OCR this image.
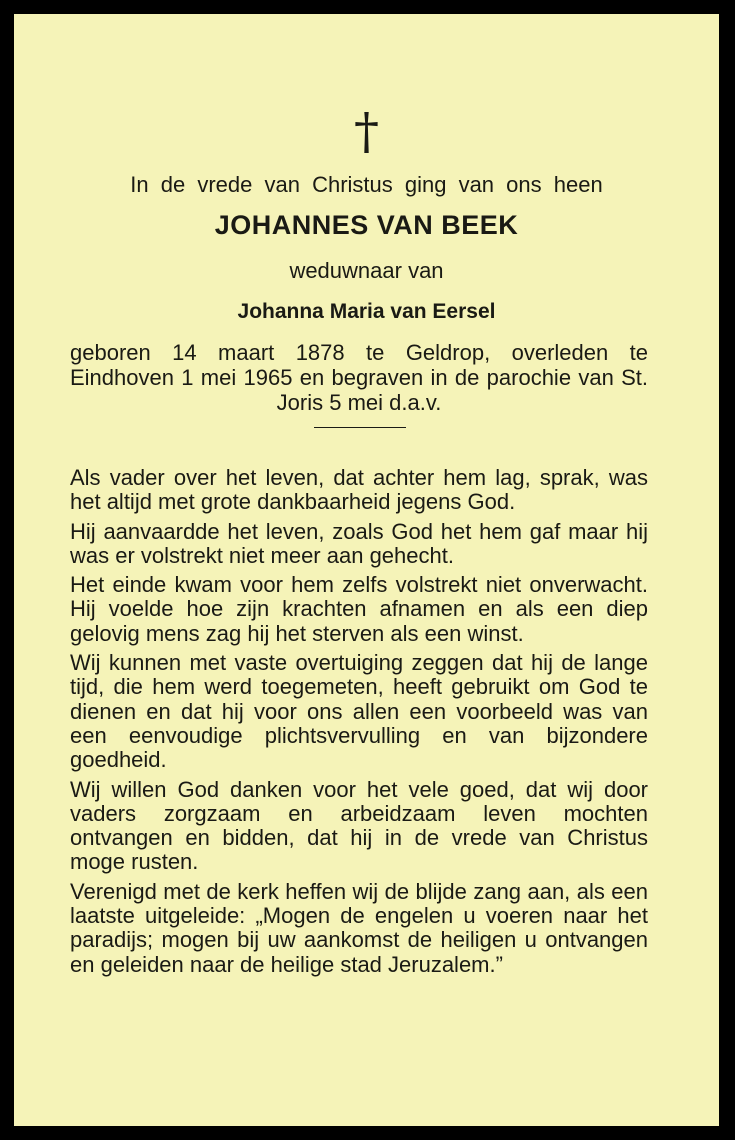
†
In de vrede van Christus ging van ons heen
JOHANNES VAN BEEK
weduwnaar van
Johanna Maria van Eersel
geboren 14 maart 1878 te Geldrop, overleden te Eindhoven 1 mei 1965 en begraven in de parochie van St. Joris 5 mei d.a.v.

Als vader over het leven, dat achter hem lag, sprak, was het altijd met grote dankbaarheid jegens God.

Hij aanvaardde het leven, zoals God het hem gaf maar hij was er volstrekt niet meer aan gehecht.

Het einde kwam voor hem zelfs volstrekt niet onverwacht. Hij voelde hoe zijn krachten afnamen en als een diep gelovig mens zag hij het sterven als een winst.

Wij kunnen met vaste overtuiging zeggen dat hij de lange tijd, die hem werd toegemeten, heeft gebruikt om God te dienen en dat hij voor ons allen een voorbeeld was van een eenvoudige plichtsvervulling en van bijzondere goedheid.

Wij willen God danken voor het vele goed, dat wij door vaders zorgzaam en arbeidzaam leven mochten ontvangen en bidden, dat hij in de vrede van Christus moge rusten.

Verenigd met de kerk heffen wij de blijde zang aan, als een laatste uitgeleide: „Mogen de engelen u voeren naar het paradijs; mogen bij uw aankomst de heiligen u ontvangen en geleiden naar de heilige stad Jeruzalem.”
